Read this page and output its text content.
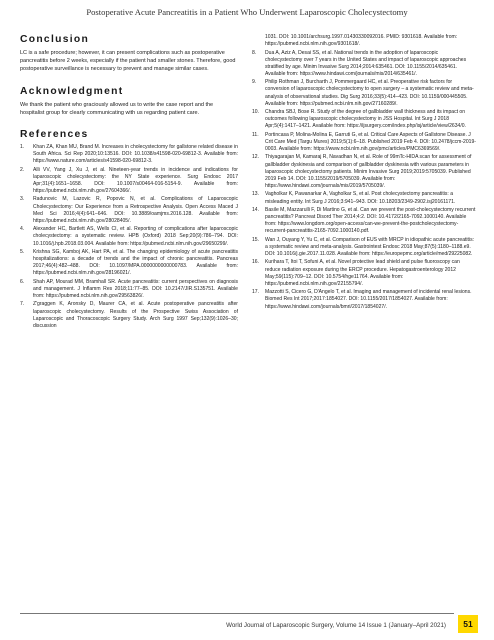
Postoperative Acute Pancreatitis in a Patient Who Underwent Laparoscopic Cholecystectomy
Conclusion

LC is a safe procedure; however, it can present complications such as postoperative pancreatitis before 2 weeks, especially if the patient had smaller stones. Therefore, good postoperative surveillance is necessary to prevent and manage similar cases.

Acknowledgment

We thank the patient who graciously allowed us to write the case report and the hospitalist group for clearly communicating with us regarding patient care.

References
1. Khan ZA, Khan MU, Brand M. Increases in cholecystectomy for gallstone related disease in South Africa. Sci Rep 2020;10:13516. DOI: 10.1038/s41598-020-69812-3. Available from: https://www.nature.com/articles/s41598-020-69812-3.
2. Alli VV, Yang J, Xu J, et al. Nineteen-year trends in incidence and indications for laparoscopic cholecystectomy: the NY State experience. Surg Endosc 2017 Apr;31(4):1651–1658. DOI: 10.1007/s00464-016-5154-9. Available from: https://pubmed.ncbi.nlm.nih.gov/27604366/.
3. Radunovic M, Lazovic R, Popovic N, et al. Complications of Laparoscopic Cholecystectomy: Our Experience from a Retrospective Analysis. Open Access Maced J Med Sci 2016;4(4):641–646. DOI: 10.3889/oamjms.2016.128. Available from: https://pubmed.ncbi.nlm.nih.gov/28028405/.
4. Alexander HC, Bartlett AS, Wells CI, et al. Reporting of complications after laparoscopic cholecystectomy: a systematic review. HPB (Oxford) 2018 Sep;20(9):786–794. DOI: 10.1016/j.hpb.2018.03.004. Available from: https://pubmed.ncbi.nlm.nih.gov/29650299/.
5. Krishna SG, Kamboj AK, Hart PA, et al. The changing epidemiology of acute pancreatitis hospitalizations: a decade of trends and the impact of chronic pancreatitis. Pancreas 2017;46(4):482–488. DOI: 10.1097/MPA.0000000000000783. Available from: https://pubmed.ncbi.nlm.nih.gov/28196021/.
6. Shah AP, Mourad MM, Bramhall SR. Acute pancreatitis: current perspectives on diagnosis and management. J Inflamm Res 2018;11:77–85. DOI: 10.2147/JIR.S135751. Available from: https://pubmed.ncbi.nlm.nih.gov/29563826/.
7. Z'graggen K, Aronsky D, Maurer CA, et al. Acute postoperative pancreatitis after laparoscopic cholecystectomy. Results of the Prospective Swiss Association of Laparoscopic and Thoracoscopic Surgery Study. Arch Surg 1997 Sep;132(9):1026–30; discussion
1031. DOI: 10.1001/archsurg.1997.01430330092016. PMID: 9301618. Available from: https://pubmed.ncbi.nlm.nih.gov/9301618/.
8. Dua A, Aziz A, Desai SS, et al. National trends in the adoption of laparoscopic cholecystectomy over 7 years in the United States and impact of laparoscopic approaches stratified by age. Minim Invasive Surg 2014;2014:635461. DOI: 10.1155/2014/635461. Available from: https://www.hindawi.com/journals/mis/2014/635461/.
9. Philip Rothman J, Burcharth J, Pommergaard HC, et al. Preoperative risk factors for conversion of laparoscopic cholecystectomy to open surgery – a systematic review and meta-analysis of observational studies. Dig Surg 2016;33(5):414–423. DOI: 10.1159/000445505. Available from: https://pubmed.ncbi.nlm.nih.gov/27160289/.
10. Chandra SBJ, Bose R. Study of the degree of gallbladder wall thickness and its impact on outcomes following laparoscopic cholecystectomy in JSS Hospital. Int Surg J 2018 Apr;5(4):1417–1421. Available from: https://ijsurgery.com/index.php/isj/article/view/2634/0.
11. Portincasa P, Molina-Molina E, Garruti G, et al. Critical Care Aspects of Gallstone Disease. J Crit Care Med (Targu Mures) 2019;5(1):6–18. Published 2019 Feb 4. DOI: 10.2478/jccm-2019-0003. Available from: https://www.ncbi.nlm.nih.gov/pmc/articles/PMC6369569/.
12. Thiyagarajan M, Kamaraj R, Navadhan N, et al. Role of 99mTc-HIDA scan for assessment of gallbladder dyskinesia and comparison of gallbladder dyskinesia with various parameters in laparoscopic cholecystectomy patients. Minim Invasive Surg 2019;2019:5705039. Published 2019 Feb 14. DOI: 10.1155/2019/5705039. Available from: https://www.hindawi.com/journals/mis/2019/5705039/.
13. Vagholkar K, Pawanarkar A, Vagholkar S, et al. Post cholecystectomy pancreatitis: a misleading entity. Int Surg J 2016;3:941–943. DOI: 10.18203/2349-2902.isj20161171.
14. Basile M, Mazzarulli F, Di Martino G, et al. Can we prevent the post-cholecystectomy recurrent pancreatitis? Pancreat Disord Ther 2014;4:2. DOI: 10.4172/2165-7092.1000140. Available from: https://www.longdom.org/open-access/can-we-prevent-the-postcholecystectomy-recurrent-pancreatitis-2165-7092.1000140.pdf.
15. Wan J, Ouyang Y, Yu C, et al. Comparison of EUS with MRCP in idiopathic acute pancreatitis: a systematic review and meta-analysis. Gastrointest Endosc 2018 May;87(5):1180–1188.e9. DOI: 10.1016/j.gie.2017.11.028. Available from: https://europepmc.org/article/med/29225082.
16. Kurihara T, Itoi T, Sofuni A, et al. Novel protective lead shield and pulse fluoroscopy can reduce radiation exposure during the ERCP procedure. Hepatogastroenterology 2012 May;59(115):709–12. DOI: 10.5754/hge11764. Available from: https://pubmed.ncbi.nlm.nih.gov/22155794/.
17. Mazzotti S, Cicero G, D'Angelo T, et al. Imaging and management of incidental renal lesions. Biomed Res Int 2017;2017:1854027. DOI: 10.1155/2017/1854027. Available from: https://www.hindawi.com/journals/bmri/2017/1854027/.
World Journal of Laparoscopic Surgery, Volume 14 Issue 1 (January–April 2021)	51
